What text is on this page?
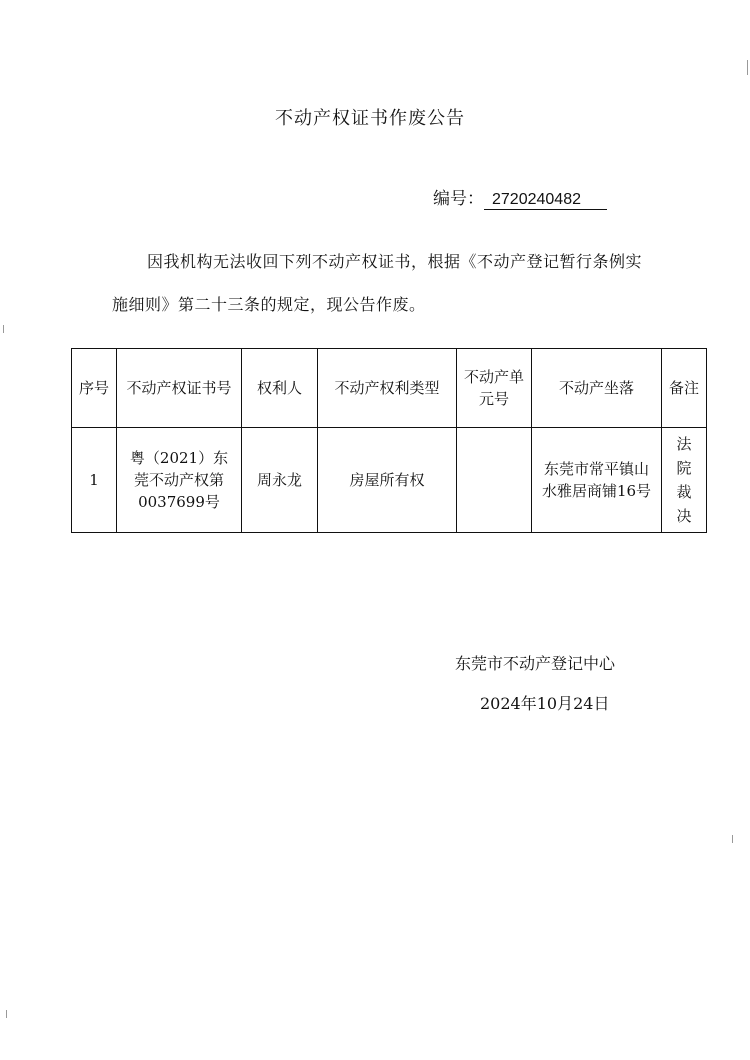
不动产权证书作废公告
编号： 2720240482
因我机构无法收回下列不动产权证书，根据《不动产登记暂行条例实施细则》第二十三条的规定，现公告作废。
序号	不动产权证书号	权利人	不动产权利类型	不动产单元号	不动产坐落	备注
1	粤（2021）东莞不动产权第0037699号	周永龙	房屋所有权		东莞市常平镇山水雅居商铺16号	法院裁决
东莞市不动产登记中心
2024年10月24日
